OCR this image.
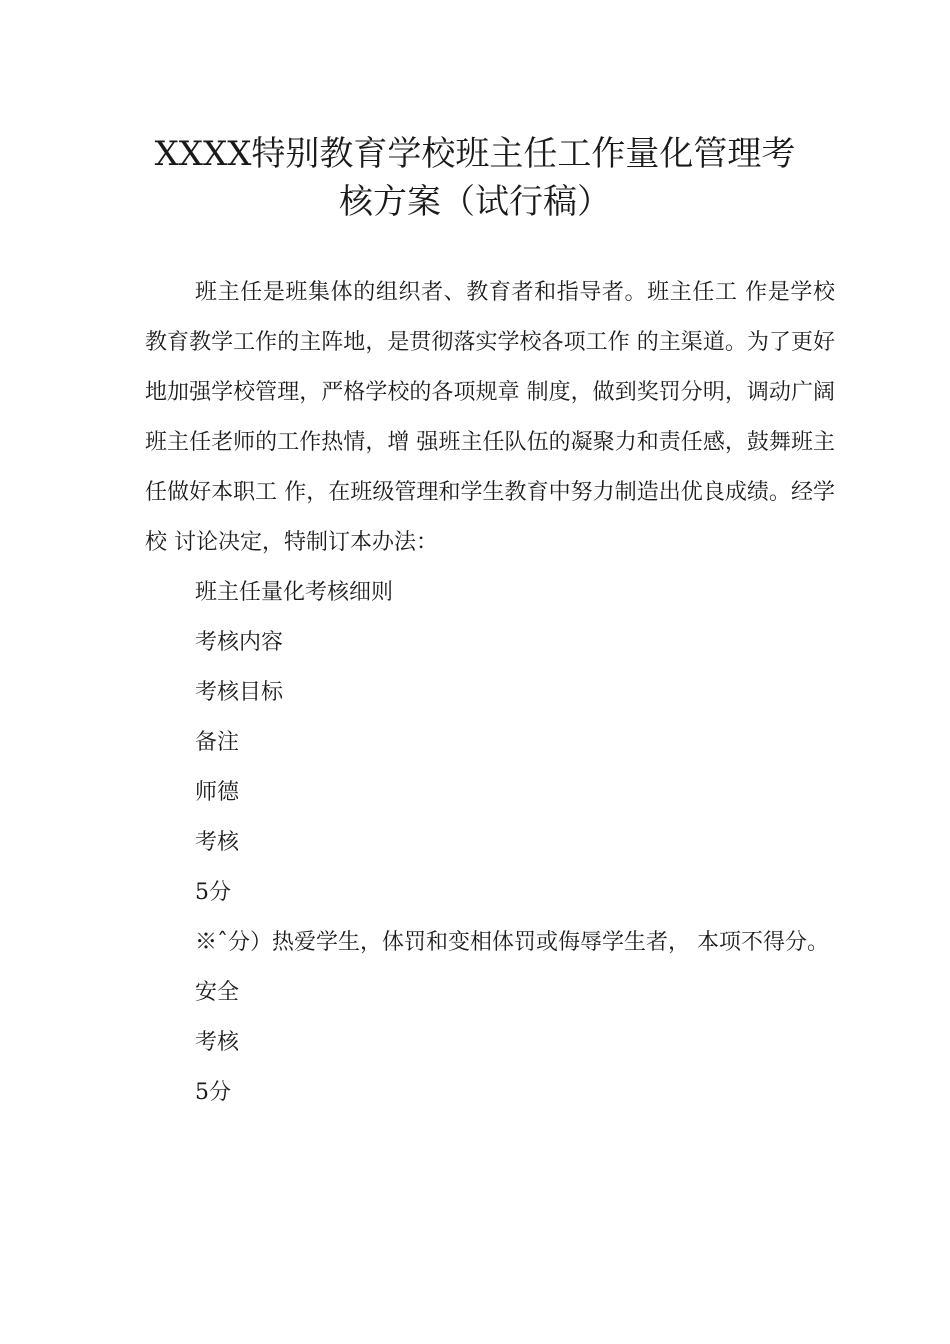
XXXX特别教育学校班主任工作量化管理考
核方案（试行稿）

班主任是班集体的组织者、教育者和指导者。班主任工 作是学校教育教学工作的主阵地，是贯彻落实学校各项工作 的主渠道。为了更好地加强学校管理，严格学校的各项规章 制度，做到奖罚分明，调动广阔班主任老师的工作热情，增 强班主任队伍的凝聚力和责任感，鼓舞班主任做好本职工 作，在班级管理和学生教育中努力制造出优良成绩。经学校 讨论决定，特制订本办法：

班主任量化考核细则

考核内容

考核目标

备注

师德

考核

5分

※ˆ分）热爱学生，体罚和变相体罚或侮辱学生者， 本项不得分。

安全

考核

5分
